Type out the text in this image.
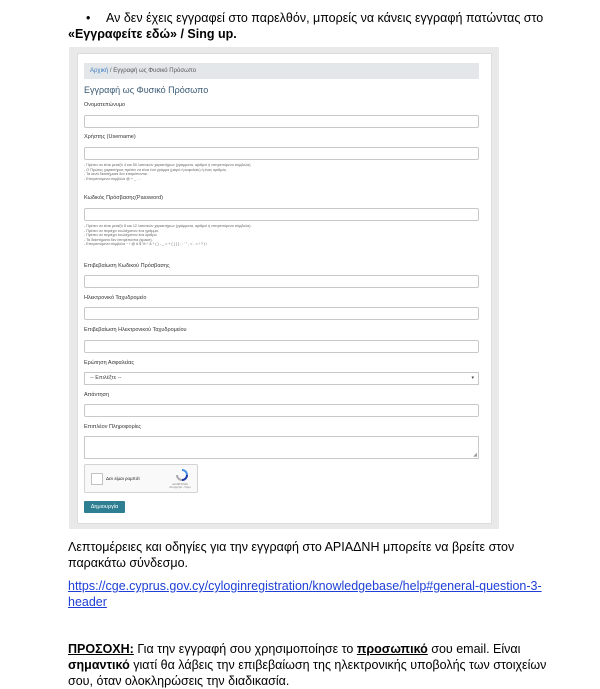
• Αν δεν έχεις εγγραφεί στο παρελθόν, μπορείς να κάνεις εγγραφή πατώντας στο
«Εγγραφείτε εδώ» / Sing up.
Αρχική / Εγγραφή ως Φυσικό Πρόσωπο
Εγγραφή ως Φυσικό Πρόσωπο
Ονοματεπώνυμο
Χρήστης (Username)
- Πρέπει να είναι μεταξύ 4 και 50 λατινικών χαρακτήρων (γράμματα, αριθμοί ή επιτρεπόμενα σύμβολα).
- Ο Πρώτος χαρακτήρας πρέπει να είναι ένα γράμμα (μικρό ή κεφαλαίο) ή ένας αριθμός.
- Τα κενά διαστήματα δεν επιτρέπονται.
- Επιτρεπόμενα σύμβολα @ + _ . -
Κωδικός Πρόσβασης(Password)
- Πρέπει να είναι μεταξύ 8 και 12 λατινικών χαρακτήρων (γράμματα, αριθμοί ή επιτρεπόμενα σύμβολα).
- Πρέπει να περιέχει τουλάχιστον ένα γράμμα.
- Πρέπει να περιέχει τουλάχιστον ένα αριθμό.
- Τα διαστήματα δεν επιτρέπονται (space).
- Επιτρεπόμενα σύμβολα ~ ! @ # $ % ^ & * ( ) - _ = + { } [ ] ; : ' " , < . > / ? | \
Επιβεβαίωση Κωδικού Πρόσβασης
Ηλεκτρονικό Ταχυδρομείο
Επιβεβαίωση Ηλεκτρονικού Ταχυδρομείου
Ερώτηση Ασφαλείας
-- Επιλέξτε --	▾
Απάντηση
Επιπλέον Πληροφορίες
◢
Δεν είμαι ρομπότ
reCAPTCHA
Απόρρητο - Όροι
Δημιουργία
Λεπτομέρειες και οδηγίες για την εγγραφή στο ΑΡΙΑΔΝΗ μπορείτε να βρείτε στον
παρακάτω σύνδεσμο.
https://cge.cyprus.gov.cy/cyloginregistration/knowledgebase/help#general-question-3-
header
ΠΡΟΣΟΧΗ: Για την εγγραφή σου χρησιμοποίησε το προσωπικό σου email. Είναι
σημαντικό γιατί θα λάβεις την επιβεβαίωση της ηλεκτρονικής υποβολής των στοιχείων
σου, όταν ολοκληρώσεις την διαδικασία.
